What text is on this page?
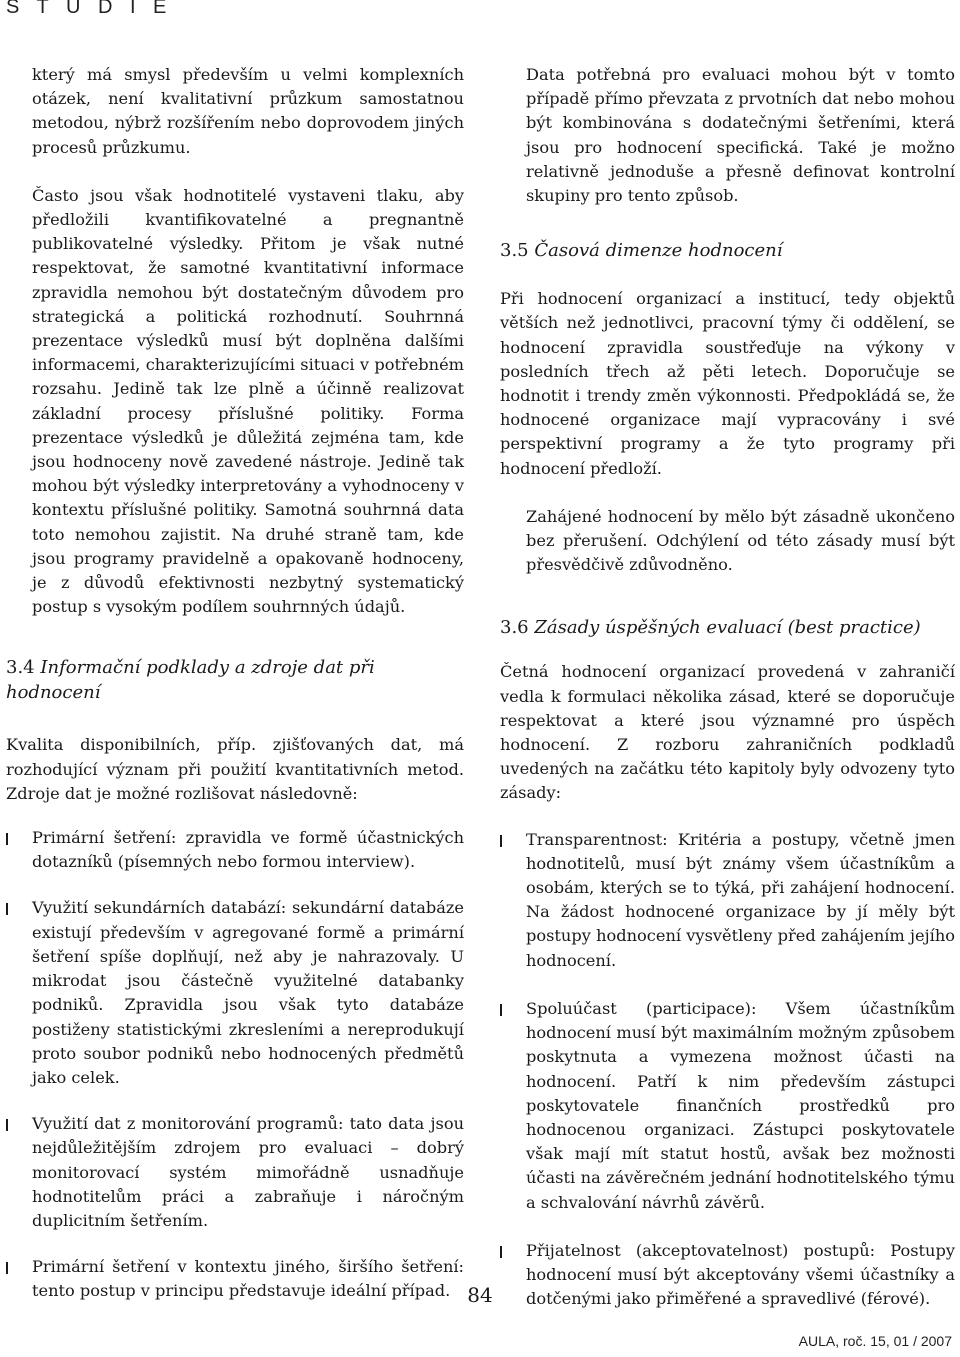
S T U D I E

který má smysl především u velmi komplexních otázek, není kvalitativní průzkum samostatnou metodou, nýbrž rozšířením nebo doprovodem jiných procesů průzkumu.

Často jsou však hodnotitelé vystaveni tlaku, aby předložili kvantifikovatelné a pregnantně publikovatelné výsledky. Přitom je však nutné respektovat, že samotné kvantitativní informace zpravidla nemohou být dostatečným důvodem pro strategická a politická rozhodnutí. Souhrnná prezentace výsledků musí být doplněna dalšími informacemi, charakterizujícími situaci v potřebném rozsahu. Jedině tak lze plně a účinně realizovat základní procesy příslušné politiky. Forma prezentace výsledků je důležitá zejména tam, kde jsou hodnoceny nově zavedené nástroje. Jedině tak mohou být výsledky interpretovány a vyhodnoceny v kontextu příslušné politiky. Samotná souhrnná data toto nemohou zajistit. Na druhé straně tam, kde jsou programy pravidelně a opakovaně hodnoceny, je z důvodů efektivnosti nezbytný systematický postup s vysokým podílem souhrnných údajů.

3.4 Informační podklady a zdroje dat při hodnocení

Kvalita disponibilních, příp. zjišťovaných dat, má rozhodující význam při použití kvantitativních metod. Zdroje dat je možné rozlišovat následovně:

Primární šetření: zpravidla ve formě účastnických dotazníků (písemných nebo formou interview).
Využití sekundárních databází: sekundární databáze existují především v agregované formě a primární šetření spíše doplňují, než aby je nahrazovaly. U mikrodat jsou částečně využitelné databanky podniků. Zpravidla jsou však tyto databáze postiženy statistickými zkresleními a nereprodukují proto soubor podniků nebo hodnocených předmětů jako celek.
Využití dat z monitorování programů: tato data jsou nejdůležitějším zdrojem pro evaluaci – dobrý monitorovací systém mimořádně usnadňuje hodnotitelům práci a zabraňuje i náročným duplicitním šetřením.
Primární šetření v kontextu jiného, širšího šetření: tento postup v principu představuje ideální případ.

Data potřebná pro evaluaci mohou být v tomto případě přímo převzata z prvotních dat nebo mohou být kombinována s dodatečnými šetřeními, která jsou pro hodnocení specifická. Také je možno relativně jednoduše a přesně definovat kontrolní skupiny pro tento způsob.

3.5 Časová dimenze hodnocení

Při hodnocení organizací a institucí, tedy objektů větších než jednotlivci, pracovní týmy či oddělení, se hodnocení zpravidla soustřeďuje na výkony v posledních třech až pěti letech. Doporučuje se hodnotit i trendy změn výkonnosti. Předpokládá se, že hodnocené organizace mají vypracovány i své perspektivní programy a že tyto programy při hodnocení předloží.

Zahájené hodnocení by mělo být zásadně ukončeno bez přerušení. Odchýlení od této zásady musí být přesvědčivě zdůvodněno.

3.6 Zásady úspěšných evaluací (best practice)

Četná hodnocení organizací provedená v zahraničí vedla k formulaci několika zásad, které se doporučuje respektovat a které jsou významné pro úspěch hodnocení. Z rozboru zahraničních podkladů uvedených na začátku této kapitoly byly odvozeny tyto zásady:

Transparentnost: Kritéria a postupy, včetně jmen hodnotitelů, musí být známy všem účastníkům a osobám, kterých se to týká, při zahájení hodnocení. Na žádost hodnocené organizace by jí měly být postupy hodnocení vysvětleny před zahájením jejího hodnocení.
Spoluúčast (participace): Všem účastníkům hodnocení musí být maximálním možným způsobem poskytnuta a vymezena možnost účasti na hodnocení. Patří k nim především zástupci poskytovatele finančních prostředků pro hodnocenou organizaci. Zástupci poskytovatele však mají mít statut hostů, avšak bez možnosti účasti na závěrečném jednání hodnotitelského týmu a schvalování návrhů závěrů.
Přijatelnost (akceptovatelnost) postupů: Postupy hodnocení musí být akceptovány všemi účastníky a dotčenými jako přiměřené a spravedlivé (férové).
84
AULA, roč. 15, 01 / 2007
